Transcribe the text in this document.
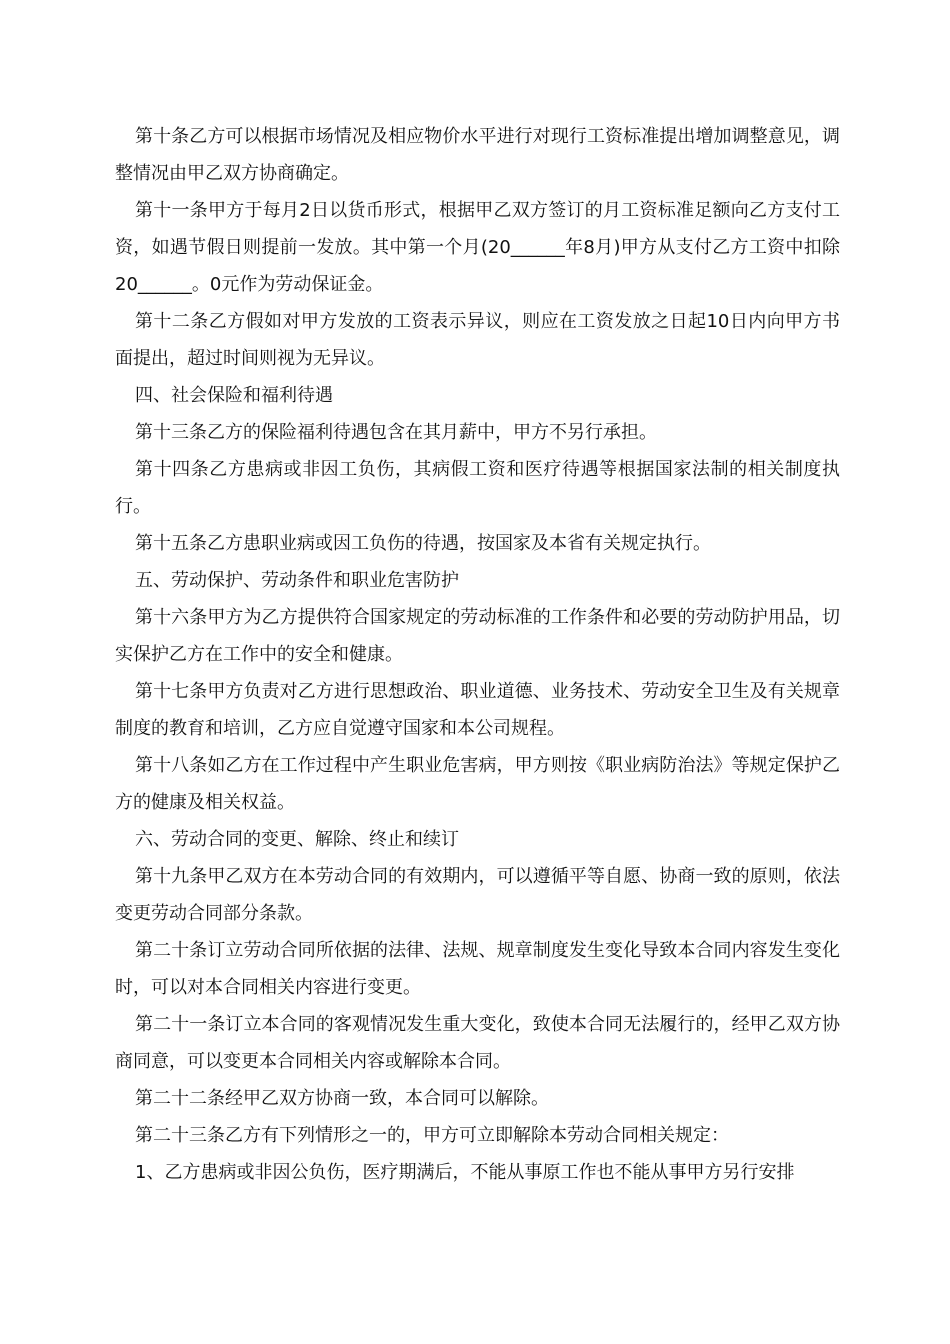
第十条乙方可以根据市场情况及相应物价水平进行对现行工资标准提出增加调整意见，调整情况由甲乙双方协商确定。

第十一条甲方于每月2日以货币形式，根据甲乙双方签订的月工资标准足额向乙方支付工资，如遇节假日则提前一发放。其中第一个月(20______年8月)甲方从支付乙方工资中扣除20______。0元作为劳动保证金。

第十二条乙方假如对甲方发放的工资表示异议，则应在工资发放之日起10日内向甲方书面提出，超过时间则视为无异议。

四、社会保险和福利待遇

第十三条乙方的保险福利待遇包含在其月薪中，甲方不另行承担。

第十四条乙方患病或非因工负伤，其病假工资和医疗待遇等根据国家法制的相关制度执行。

第十五条乙方患职业病或因工负伤的待遇，按国家及本省有关规定执行。

五、劳动保护、劳动条件和职业危害防护

第十六条甲方为乙方提供符合国家规定的劳动标准的工作条件和必要的劳动防护用品，切实保护乙方在工作中的安全和健康。

第十七条甲方负责对乙方进行思想政治、职业道德、业务技术、劳动安全卫生及有关规章制度的教育和培训，乙方应自觉遵守国家和本公司规程。

第十八条如乙方在工作过程中产生职业危害病，甲方则按《职业病防治法》等规定保护乙方的健康及相关权益。

六、劳动合同的变更、解除、终止和续订

第十九条甲乙双方在本劳动合同的有效期内，可以遵循平等自愿、协商一致的原则，依法变更劳动合同部分条款。

第二十条订立劳动合同所依据的法律、法规、规章制度发生变化导致本合同内容发生变化时，可以对本合同相关内容进行变更。

第二十一条订立本合同的客观情况发生重大变化，致使本合同无法履行的，经甲乙双方协商同意，可以变更本合同相关内容或解除本合同。

第二十二条经甲乙双方协商一致，本合同可以解除。

第二十三条乙方有下列情形之一的，甲方可立即解除本劳动合同相关规定：

1、乙方患病或非因公负伤，医疗期满后，不能从事原工作也不能从事甲方另行安排
